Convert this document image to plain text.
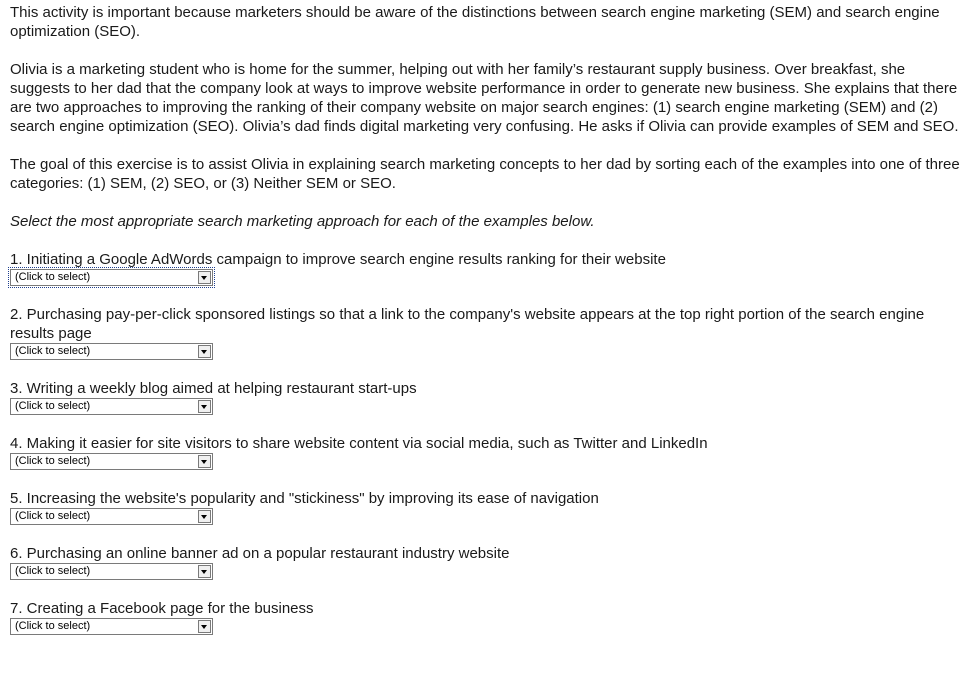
This activity is important because marketers should be aware of the distinctions between search engine marketing (SEM) and search engine optimization (SEO).

Olivia is a marketing student who is home for the summer, helping out with her family’s restaurant supply business. Over breakfast, she suggests to her dad that the company look at ways to improve website performance in order to generate new business. She explains that there are two approaches to improving the ranking of their company website on major search engines: (1) search engine marketing (SEM) and (2) search engine optimization (SEO). Olivia’s dad finds digital marketing very confusing. He asks if Olivia can provide examples of SEM and SEO.

The goal of this exercise is to assist Olivia in explaining search marketing concepts to her dad by sorting each of the examples into one of three categories: (1) SEM, (2) SEO, or (3) Neither SEM or SEO.

Select the most appropriate search marketing approach for each of the examples below.

1. Initiating a Google AdWords campaign to improve search engine results ranking for their website
(Click to select)
2. Purchasing pay-per-click sponsored listings so that a link to the company's website appears at the top right portion of the search engine results page
(Click to select)
3. Writing a weekly blog aimed at helping restaurant start-ups
(Click to select)
4. Making it easier for site visitors to share website content via social media, such as Twitter and LinkedIn
(Click to select)
5. Increasing the website's popularity and "stickiness" by improving its ease of navigation
(Click to select)
6. Purchasing an online banner ad on a popular restaurant industry website
(Click to select)
7. Creating a Facebook page for the business
(Click to select)
